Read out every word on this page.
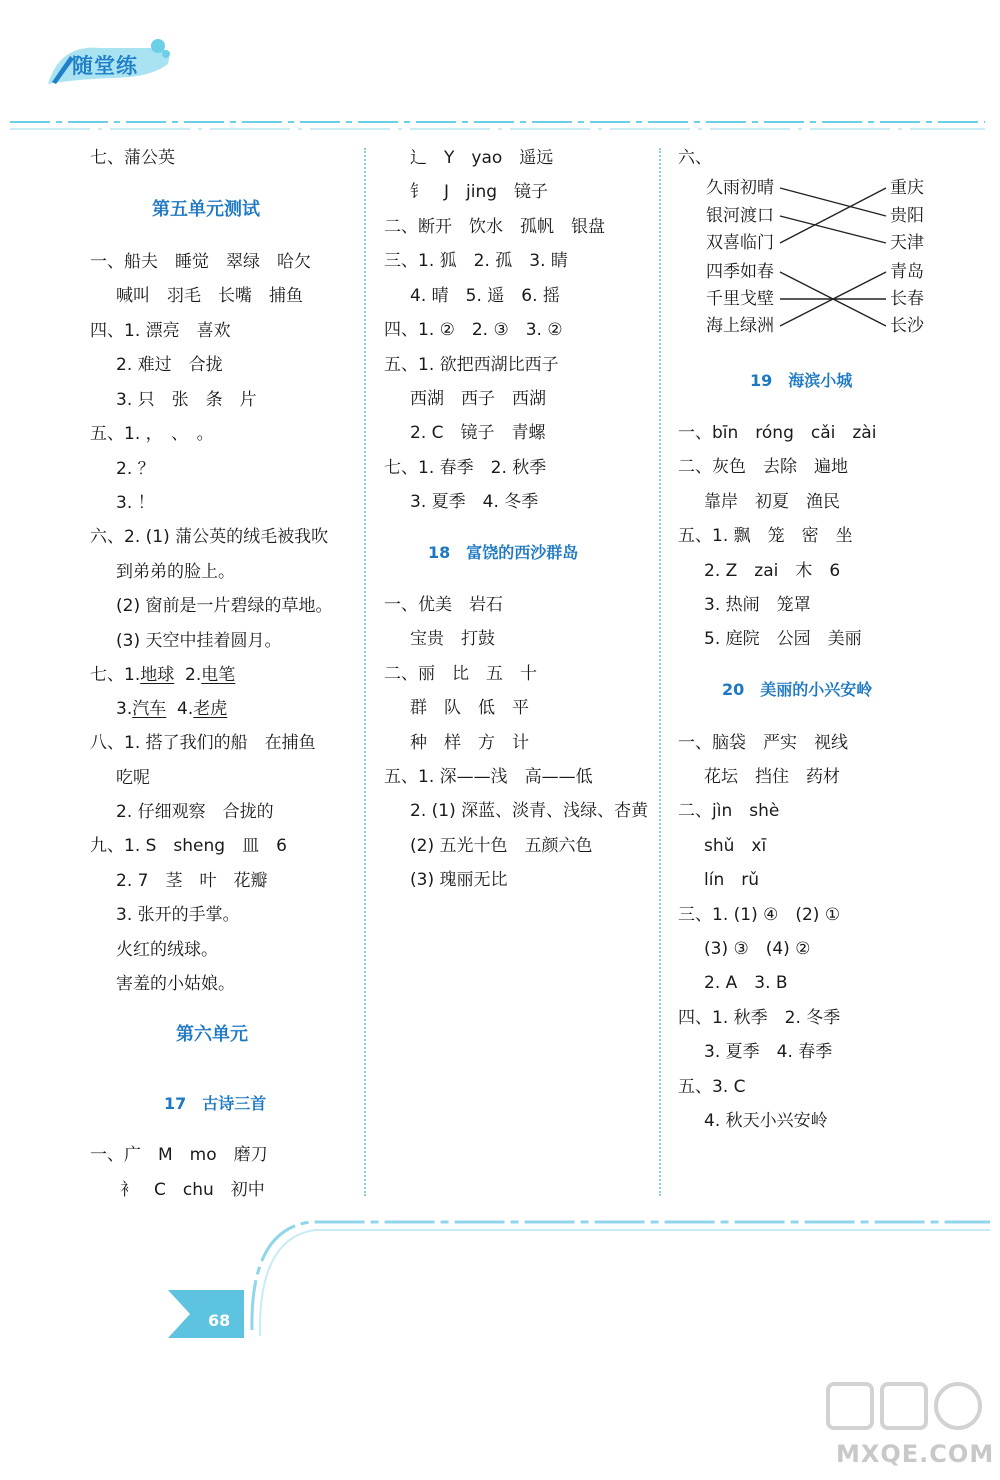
随堂练
七、蒲公英
第五单元测试
一、船夫　睡觉　翠绿　哈欠
喊叫　羽毛　长嘴　捕鱼
四、1. 漂亮　喜欢
2. 难过　合拢
3. 只　张　条　片
五、1. ，　、　。
2. ？
3. ！
六、2. (1) 蒲公英的绒毛被我吹
到弟弟的脸上。
(2) 窗前是一片碧绿的草地。
(3) 天空中挂着圆月。
七、1.地球 2.电笔
3.汽车 4.老虎
八、1. 搭了我们的船　在捕鱼
吃呢
2. 仔细观察　合拢的
九、1. S　sheng　皿　6
2. 7　茎　叶　花瓣
3. 张开的手掌。
火红的绒球。
害羞的小姑娘。
第六单元
17　古诗三首
一、广　M　mo　磨刀
衤　C　chu　初中
辶　Y　yao　遥远
钅　J　jing　镜子
二、断开　饮水　孤帆　银盘
三、1. 狐　2. 孤　3. 睛
4. 晴　5. 遥　6. 摇
四、1. ②　2. ③　3. ②
五、1. 欲把西湖比西子
西湖　西子　西湖
2. C　镜子　青螺
七、1. 春季　2. 秋季
3. 夏季　4. 冬季
18　富饶的西沙群岛
一、优美　岩石
宝贵　打鼓
二、丽　比　五　十
群　队　低　平
种　样　方　计
五、1. 深——浅　高——低
2. (1) 深蓝、淡青、浅绿、杏黄
(2) 五光十色　五颜六色
(3) 瑰丽无比
六、
久雨初晴
银河渡口
双喜临门
四季如春
千里戈壁
海上绿洲
重庆
贵阳
天津
青岛
长春
长沙
19　海滨小城
一、bīn　róng　cǎi　zài
二、灰色　去除　遍地
靠岸　初夏　渔民
五、1. 飘　笼　密　坐
2. Z　zai　木　6
3. 热闹　笼罩
5. 庭院　公园　美丽
20　美丽的小兴安岭
一、脑袋　严实　视线
花坛　挡住　药材
二、jìn　shè
shǔ　xī
lín　rǔ
三、1. (1) ④　(2) ①
(3) ③　(4) ②
2. A　3. B
四、1. 秋季　2. 冬季
3. 夏季　4. 春季
五、3. C
4. 秋天小兴安岭
68
MXQE.COM
